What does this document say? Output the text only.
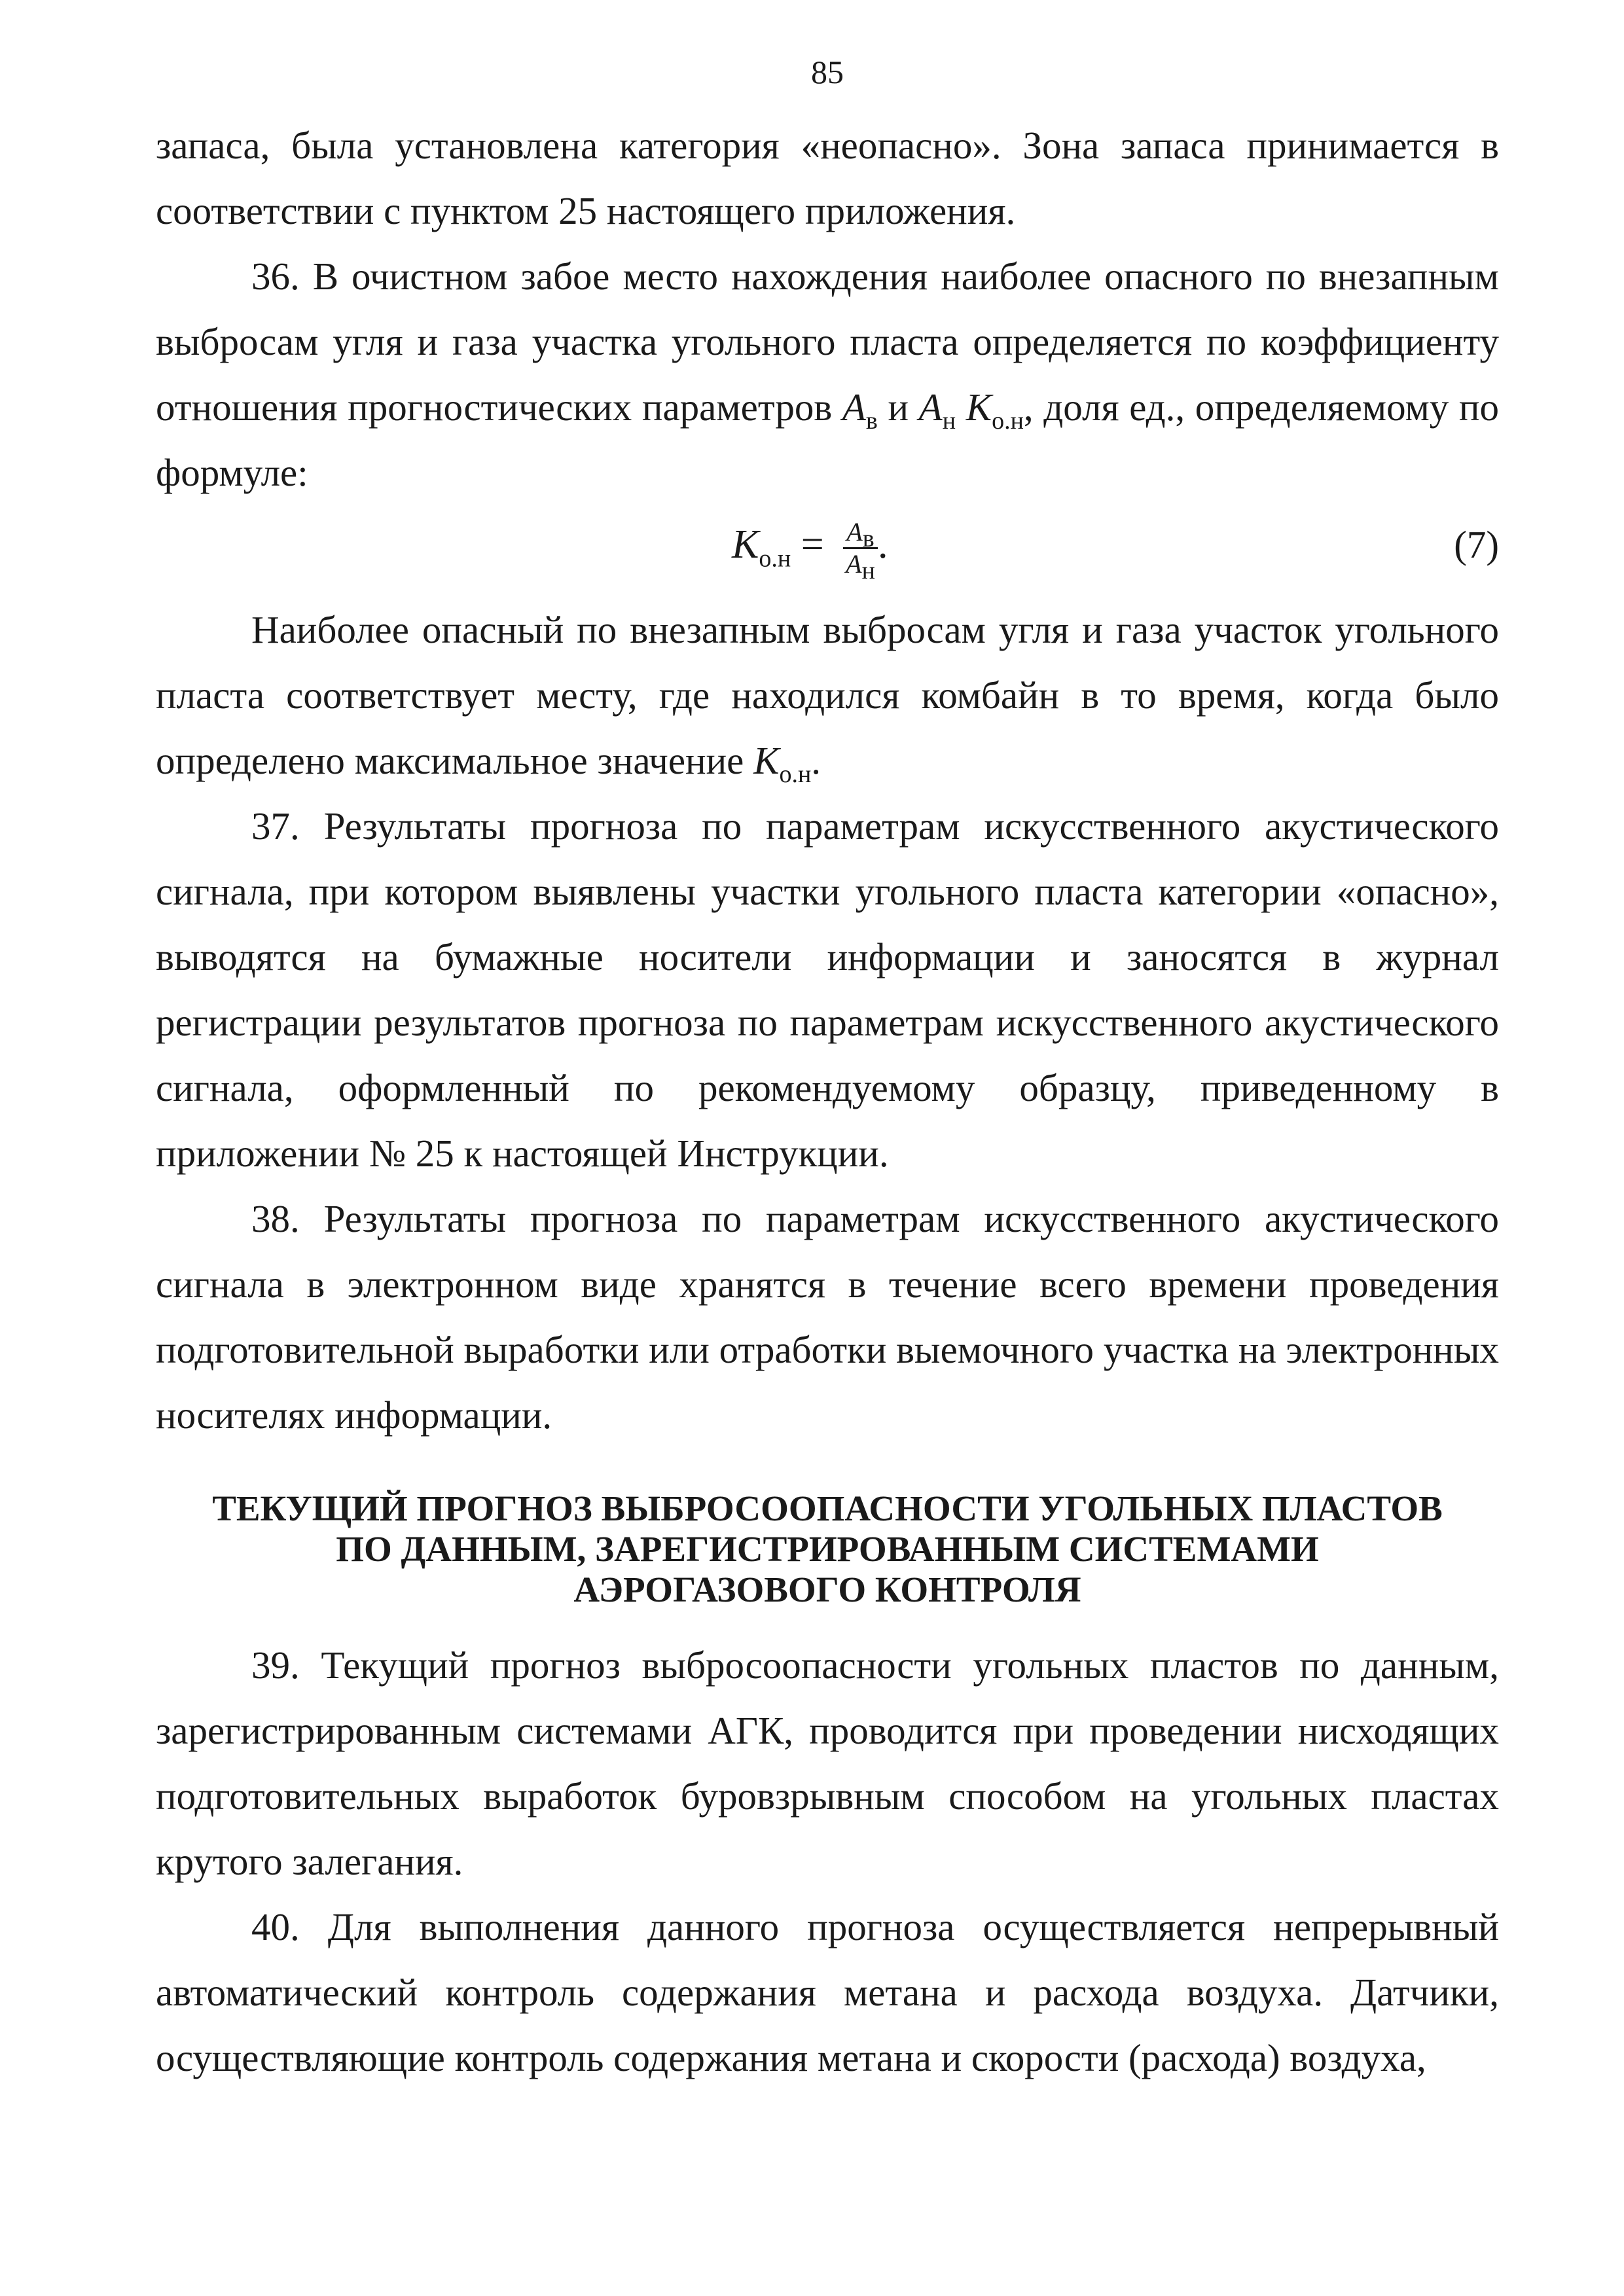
85

запаса, была установлена категория «неопасно». Зона запаса принимается в соответствии с пунктом 25 настоящего приложения.

36. В очистном забое место нахождения наиболее опасного по внезапным выбросам угля и газа участка угольного пласта определяется по коэффициенту отношения прогностических параметров $A_в$ и $A_н$ $K_{о.н}$, доля ед., определяемому по формуле:

$K_{о.н} = \frac{A_в}{A_н}$ .	(7)

Наиболее опасный по внезапным выбросам угля и газа участок угольного пласта соответствует месту, где находился комбайн в то время, когда было определено максимальное значение $K_{о.н}$.

37. Результаты прогноза по параметрам искусственного акустического сигнала, при котором выявлены участки угольного пласта категории «опасно», выводятся на бумажные носители информации и заносятся в журнал регистрации результатов прогноза по параметрам искусственного акустического сигнала, оформленный по рекомендуемому образцу, приведенному в приложении № 25 к настоящей Инструкции.

38. Результаты прогноза по параметрам искусственного акустического сигнала в электронном виде хранятся в течение всего времени проведения подготовительной выработки или отработки выемочного участка на электронных носителях информации.

ТЕКУЩИЙ ПРОГНОЗ ВЫБРОСООПАСНОСТИ УГОЛЬНЫХ ПЛАСТОВ
ПО ДАННЫМ, ЗАРЕГИСТРИРОВАННЫМ СИСТЕМАМИ
АЭРОГАЗОВОГО КОНТРОЛЯ

39. Текущий прогноз выбросоопасности угольных пластов по данным, зарегистрированным системами АГК, проводится при проведении нисходящих подготовительных выработок буровзрывным способом на угольных пластах крутого залегания.

40. Для выполнения данного прогноза осуществляется непрерывный автоматический контроль содержания метана и расхода воздуха. Датчики, осуществляющие контроль содержания метана и скорости (расхода) воздуха,
